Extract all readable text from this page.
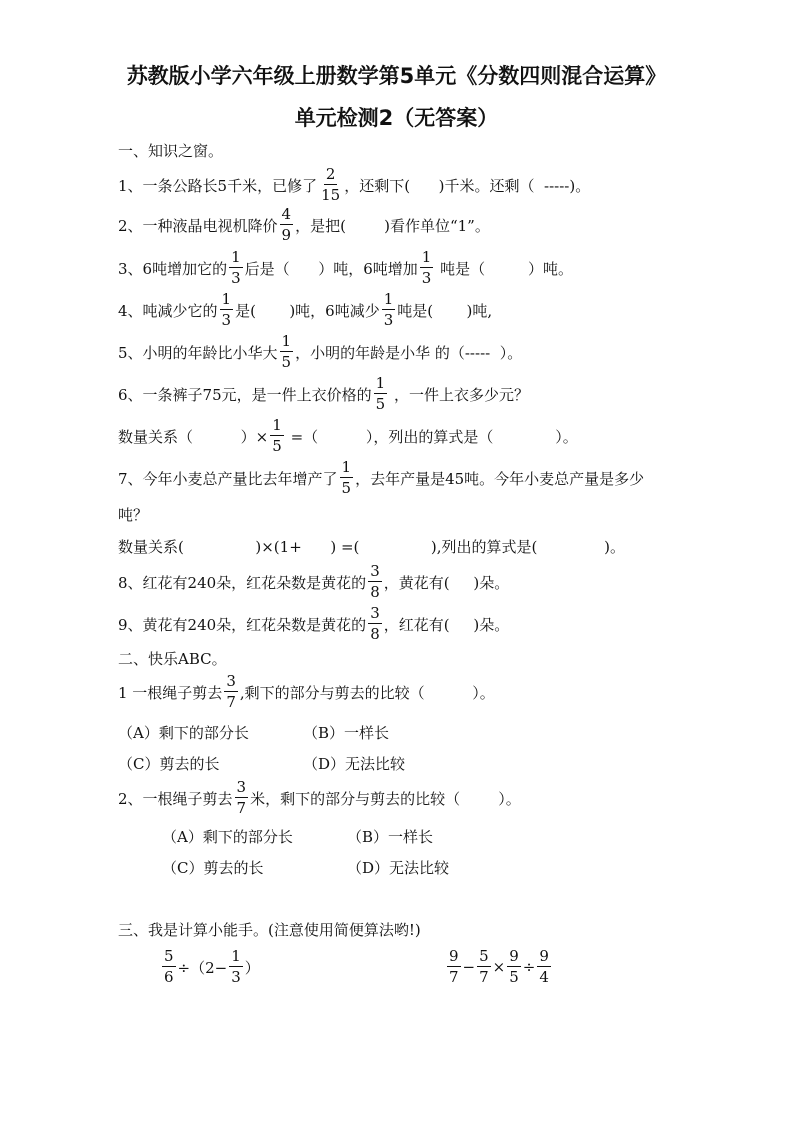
苏教版小学六年级上册数学第5单元《分数四则混合运算》
单元检测2（无答案）
一、知识之窗。
1、一条公路长5千米，已修了 $\frac{2}{15}$ ，还剩下(      )千米。还剩（  -----)。
2、一种液晶电视机降价 $\frac{4}{9}$ ，是把(        )看作单位“1”。
3、6吨增加它的 $\frac{1}{3}$ 后是（      ）吨，6吨增加 $\frac{1}{3}$ 吨是（         ）吨。
4、吨减少它的 $\frac{1}{3}$ 是(       )吨，6吨减少 $\frac{1}{3}$ 吨是(       )吨,
5、小明的年龄比小华大 $\frac{1}{5}$ ，小明的年龄是小华 的（-----  ）。
6、一条裤子75元，是一件上衣价格的 $\frac{1}{5}$ ，一件上衣多少元？
数量关系（          ）× $\frac{1}{5}$ =（          ），列出的算式是（             ）。
7、今年小麦总产量比去年增产了 $\frac{1}{5}$ ，去年产量是45吨。今年小麦总产量是多少
吨？
数量关系(               )×(1+      ) =(               ),列出的算式是(              )。
8、红花有240朵，红花朵数是黄花的 $\frac{3}{8}$ ，黄花有(     )朵。
9、黄花有240朵，红花朵数是黄花的 $\frac{3}{8}$ ，红花有(     )朵。
二、快乐ABC。
1 一根绳子剪去 $\frac{3}{7}$ ,剩下的部分与剪去的比较（          ）。
（A）剩下的部分长	（B）一样长
（C）剪去的长	（D）无法比较
2、一根绳子剪去 $\frac{3}{7}$ 米，剩下的部分与剪去的比较（        ）。
（A）剩下的部分长	（B）一样长
（C）剪去的长	（D）无法比较
三、我是计算小能手。(注意使用简便算法哟!)
$\frac{5}{6} \div(2- \frac{1}{3}$ ）	$\frac{9}{7} - \frac{5}{7} \times \frac{9}{5} \div \frac{9}{4}$
